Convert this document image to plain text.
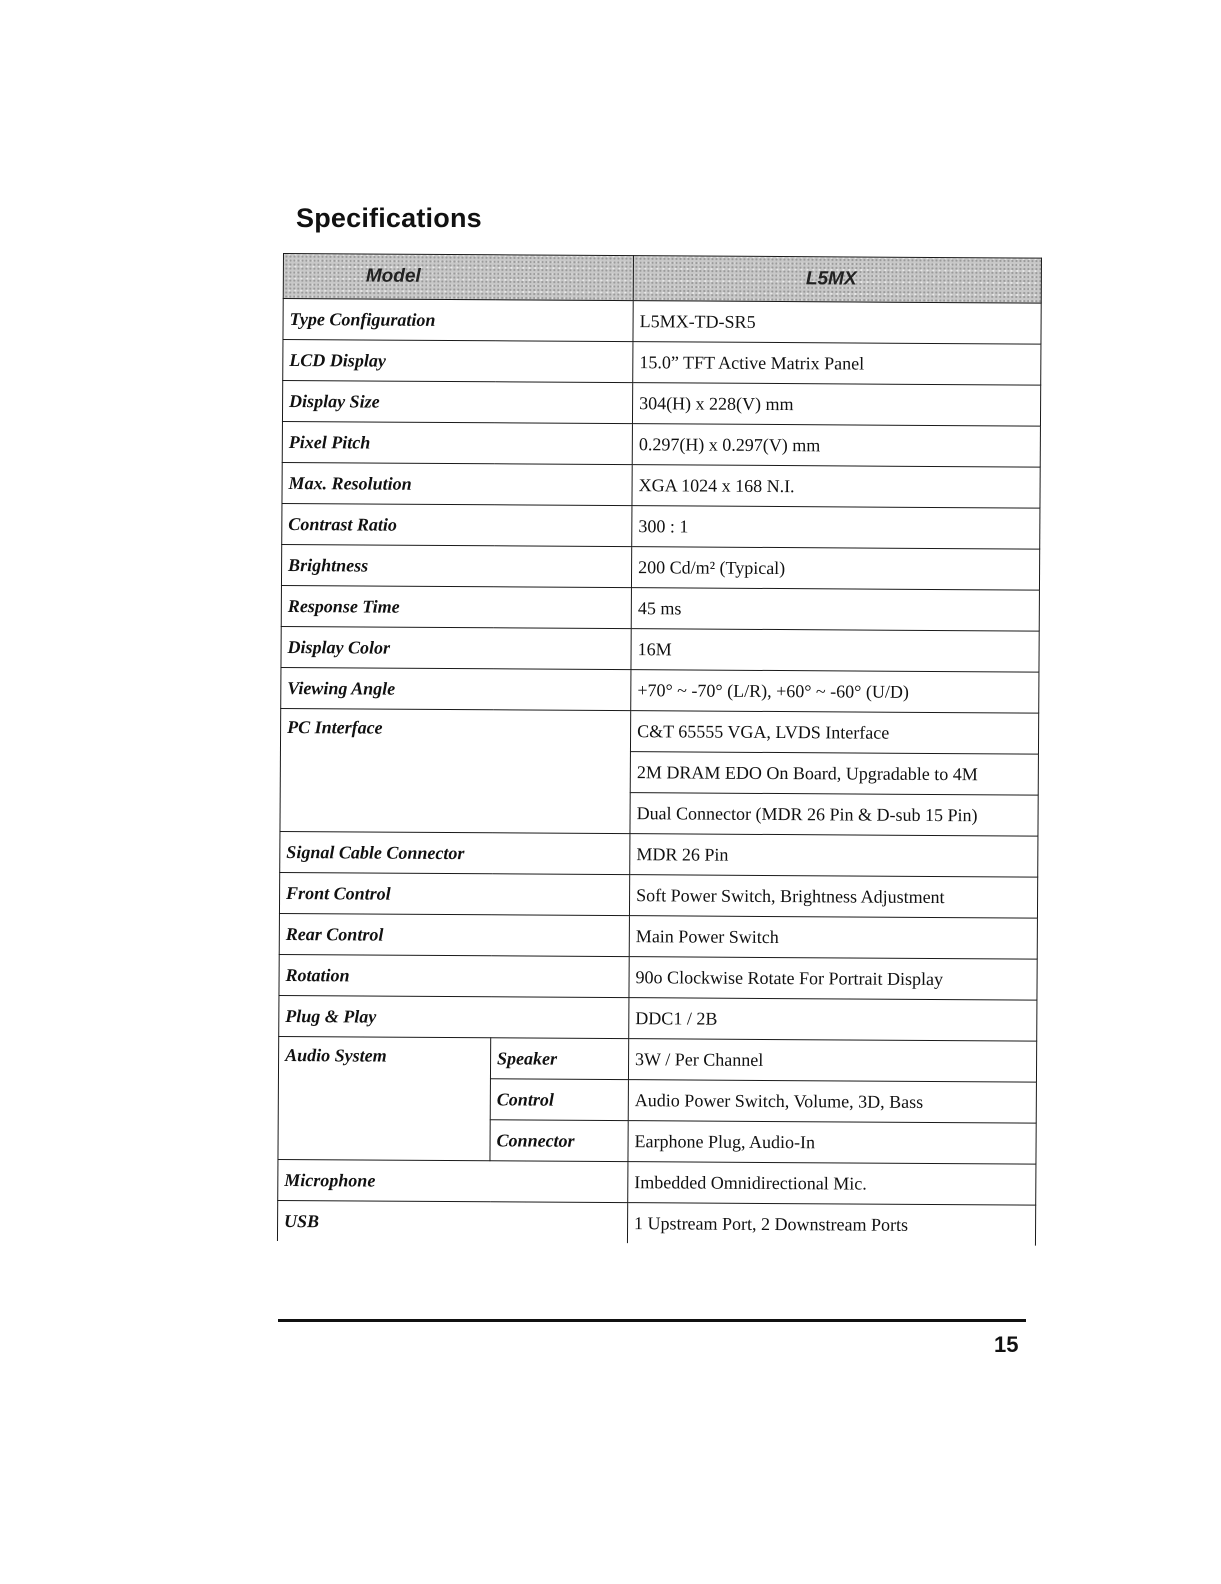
Specifications
Model		L5MX
Type Configuration		L5MX-TD-SR5
LCD Display		15.0” TFT Active Matrix Panel
Display Size		304(H) x 228(V) mm
Pixel Pitch		0.297(H) x 0.297(V) mm
Max. Resolution		XGA 1024 x 168 N.I.
Contrast Ratio		300 : 1
Brightness		200 Cd/m² (Typical)
Response Time		45 ms
Display Color		16M
Viewing Angle		+70° ~ -70° (L/R), +60° ~ -60° (U/D)
PC Interface		C&T 65555 VGA, LVDS Interface
		2M DRAM EDO On Board, Upgradable to 4M
		Dual Connector (MDR 26 Pin & D-sub 15 Pin)
Signal Cable Connector		MDR 26 Pin
Front Control		Soft Power Switch, Brightness Adjustment
Rear Control		Main Power Switch
Rotation		90o Clockwise Rotate For Portrait Display
Plug & Play		DDC1 / 2B
Audio System	Speaker	3W / Per Channel
	Control	Audio Power Switch, Volume, 3D, Bass
	Connector	Earphone Plug, Audio-In
Microphone		Imbedded Omnidirectional Mic.
USB		1 Upstream Port, 2 Downstream Ports
15
